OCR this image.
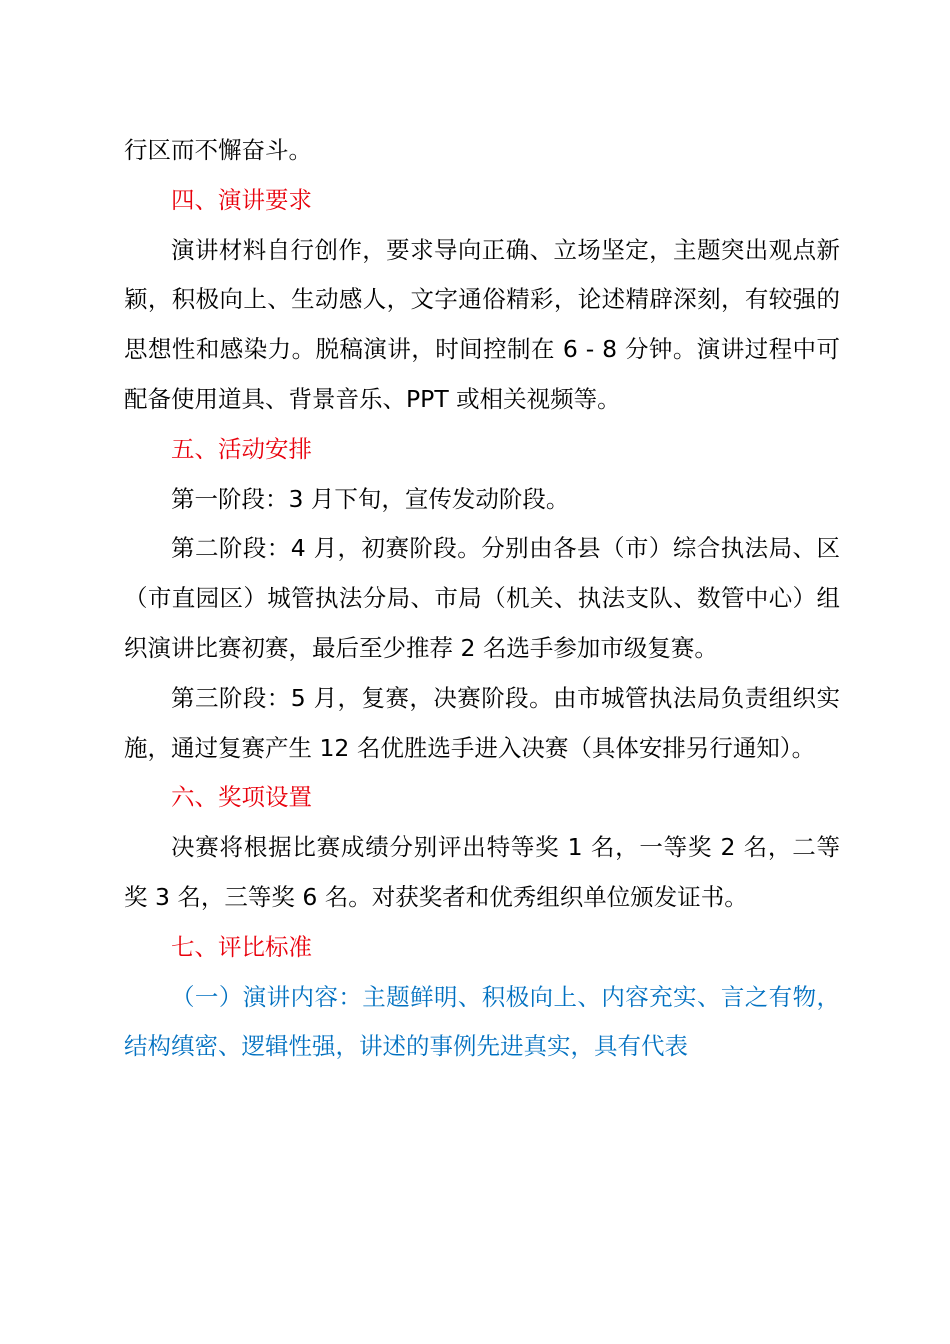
行区而不懈奋斗。

四、演讲要求

演讲材料自行创作，要求导向正确、立场坚定，主题突出观点新颖，积极向上、生动感人，文字通俗精彩，论述精辟深刻，有较强的思想性和感染力。脱稿演讲，时间控制在 6 - 8 分钟。演讲过程中可配备使用道具、背景音乐、PPT 或相关视频等。

五、活动安排

第一阶段：3 月下旬，宣传发动阶段。

第二阶段：4 月，初赛阶段。分别由各县（市）综合执法局、区（市直园区）城管执法分局、市局（机关、执法支队、数管中心）组织演讲比赛初赛，最后至少推荐 2 名选手参加市级复赛。

第三阶段：5 月，复赛，决赛阶段。由市城管执法局负责组织实施，通过复赛产生 12 名优胜选手进入决赛（具体安排另行通知）。

六、奖项设置

决赛将根据比赛成绩分别评出特等奖 1 名，一等奖 2 名，二等奖 3 名，三等奖 6 名。对获奖者和优秀组织单位颁发证书。

七、评比标准

（一）演讲内容：主题鲜明、积极向上、内容充实、言之有物，结构缜密、逻辑性强，讲述的事例先进真实，具有代表
